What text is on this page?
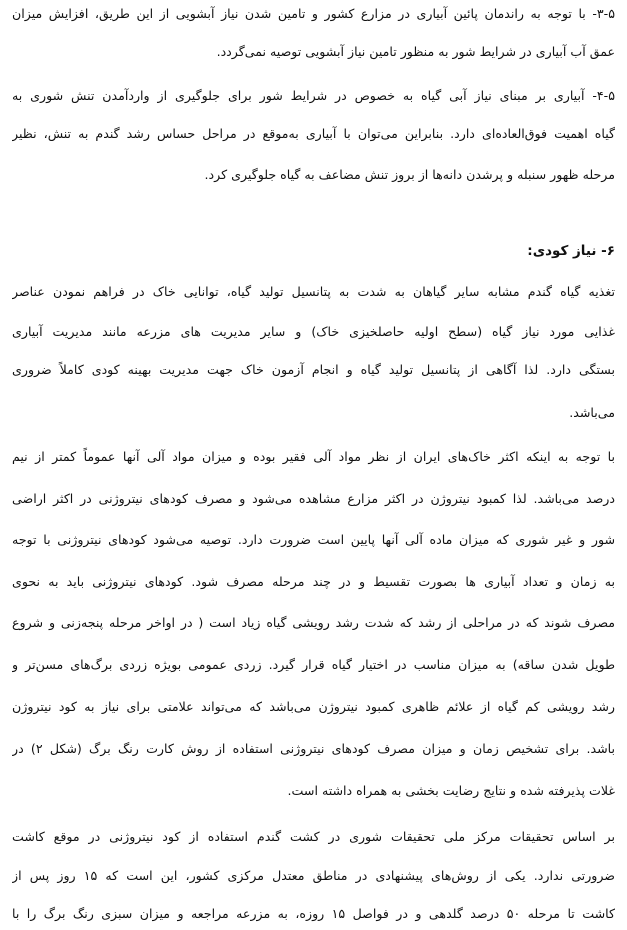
۳-۵- با توجه به راندمان پائین آبیاری در مزارع کشور و تامین شدن نیاز آبشویی از این طریق، افزایش میزان
عمق آب آبیاری در شرایط شور به منظور تامین نیاز آبشویی توصیه نمی‌گردد.
۴-۵- آبیاری بر مبنای نیاز آبی گیاه به خصوص در شرایط شور برای جلوگیری از واردآمدن تنش شوری به
گیاه اهمیت فوق‌العاده‌ای دارد. بنابراین می‌توان با آبیاری به‌موقع در مراحل حساس رشد گندم به تنش، نظیر
مرحله ظهور سنبله و پرشدن دانه‌ها از بروز تنش مضاعف به گیاه جلوگیری کرد.
۶- نیاز کودی:
تغذیه گیاه گندم مشابه سایر گیاهان به شدت به پتانسیل تولید گیاه، توانایی خاک در فراهم نمودن عناصر
غذایی مورد نیاز گیاه (سطح اولیه حاصلخیزی خاک) و سایر مدیریت های مزرعه مانند مدیریت آبیاری
بستگی دارد. لذا آگاهی از پتانسیل تولید گیاه و انجام آزمون خاک جهت مدیریت بهینه کودی کاملاً ضروری
می‌باشد.
با توجه به اینکه اکثر خاک‌های ایران از نظر مواد آلی فقیر بوده و میزان مواد آلی آنها عموماً کمتر از نیم
درصد می‌باشد. لذا کمبود نیتروژن در اکثر مزارع مشاهده می‌شود و مصرف کودهای نیتروژنی در اکثر اراضی
شور و غیر شوری که میزان ماده آلی آنها پایین است ضرورت دارد. توصیه می‌شود کودهای نیتروژنی با توجه
به زمان و تعداد آبیاری ها بصورت تقسیط و در چند مرحله مصرف شود. کودهای نیتروژنی باید به نحوی
مصرف شوند که در مراحلی از رشد که شدت رشد رویشی گیاه زیاد است ( در اواخر مرحله پنجه‌زنی و شروع
طویل شدن ساقه) به میزان مناسب در اختیار گیاه قرار گیرد. زردی عمومی بویژه زردی برگ‌های مسن‌تر و
رشد رویشی کم گیاه از علائم ظاهری کمبود نیتروژن می‌باشد که می‌تواند علامتی برای نیاز به کود نیتروژن
باشد. برای تشخیص زمان و میزان مصرف کودهای نیتروژنی استفاده از روش کارت رنگ برگ (شکل ۲) در
غلات پذیرفته شده و نتایج رضایت بخشی به همراه داشته است.
بر اساس تحقیقات مرکز ملی تحقیقات شوری در کشت گندم استفاده از کود نیتروژنی در موقع کاشت
ضرورتی ندارد. یکی از روش‌های پیشنهادی در مناطق معتدل مرکزی کشور، این است که ۱۵ روز پس از
کاشت تا مرحله ۵۰ درصد گلدهی و در فواصل ۱۵ روزه، به مزرعه مراجعه و میزان سبزی رنگ برگ را با
